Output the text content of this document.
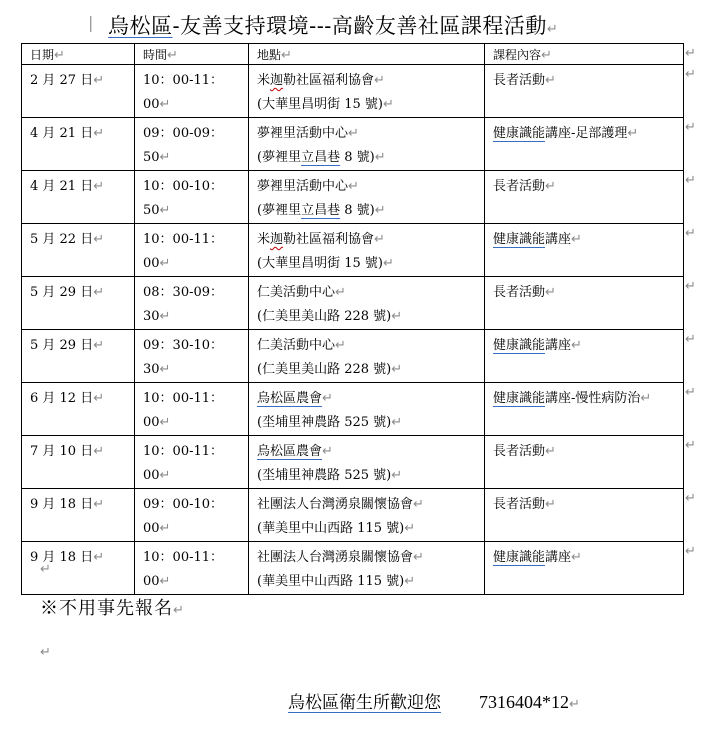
| 烏松區-友善支持環境---高齡友善社區課程活動↵
日期↵	時間↵	地點↵	課程內容↵
2 月 27 日↵	10：00-11：
00↵	米迦勒社區福利協會↵
(大華里昌明街 15 號)↵	長者活動↵

4 月 21 日↵	09：00-09：
50↵	夢裡里活動中心↵
(夢裡里立昌巷 8 號)↵	健康識能講座-足部護理↵

4 月 21 日↵	10：00-10：
50↵	夢裡里活動中心↵
(夢裡里立昌巷 8 號)↵	長者活動↵

5 月 22 日↵	10：00-11：
00↵	米迦勒社區福利協會↵
(大華里昌明街 15 號)↵	健康識能講座↵

5 月 29 日↵	08：30-09：
30↵	仁美活動中心↵
(仁美里美山路 228 號)↵	長者活動↵

5 月 29 日↵	09：30-10：
30↵	仁美活動中心↵
(仁美里美山路 228 號)↵	健康識能講座↵

6 月 12 日↵	10：00-11：
00↵	烏松區農會↵
(坔埔里神農路 525 號)↵	健康識能講座-慢性病防治↵

7 月 10 日↵	10：00-11：
00↵	烏松區農會↵
(坔埔里神農路 525 號)↵	長者活動↵

9 月 18 日↵	09：00-10：
00↵	社團法人台灣湧泉關懷協會↵
(華美里中山西路 115 號)↵	長者活動↵

9 月 18 日↵	10：00-11：
00↵	社團法人台灣湧泉關懷協會↵
(華美里中山西路 115 號)↵	健康識能講座↵
↵
↵
↵
↵
↵
↵
↵
↵
↵
↵
↵
↵
※不用事先報名↵
↵
烏松區衛生所歡迎您 7316404*12↵
